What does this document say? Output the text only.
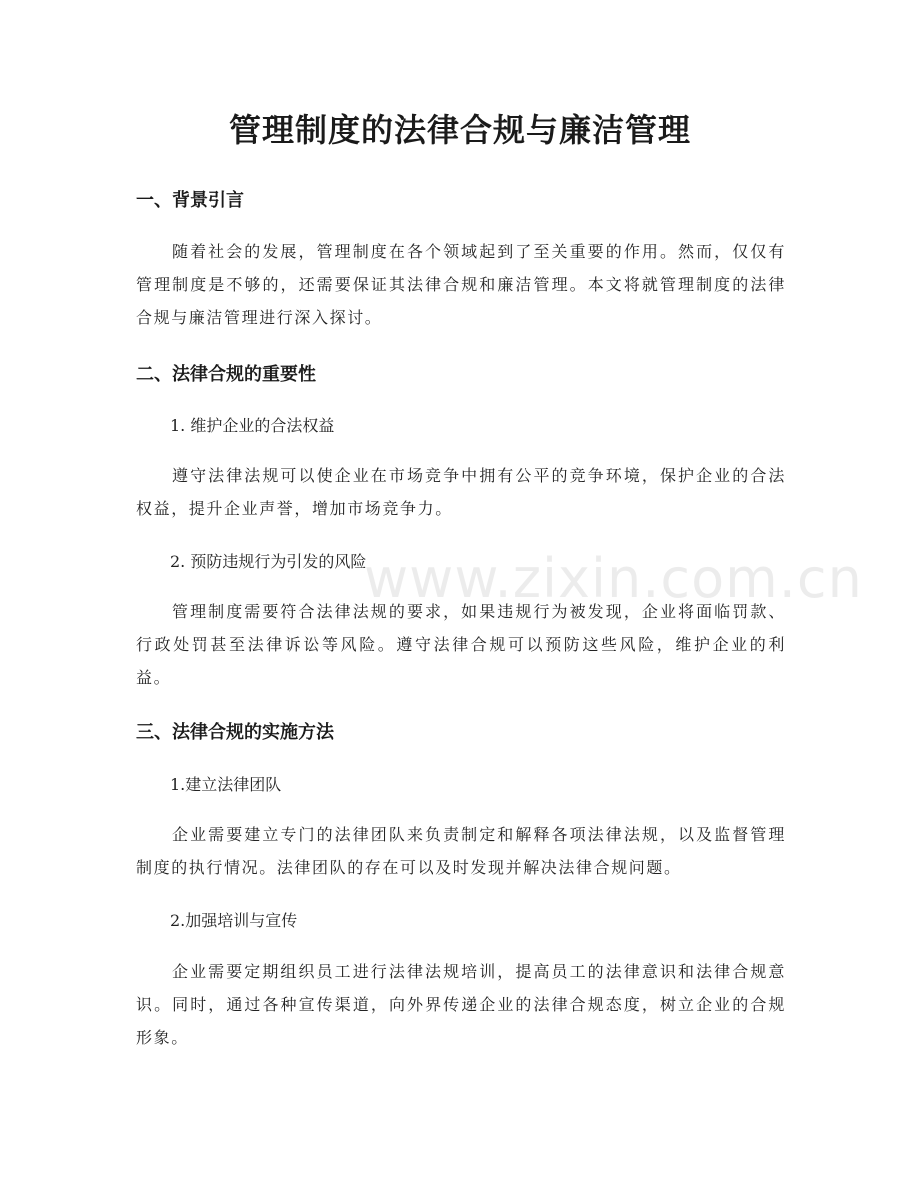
www.zixin.com.cn
管理制度的法律合规与廉洁管理
一、背景引言
随着社会的发展，管理制度在各个领域起到了至关重要的作用。然而，仅仅有管理制度是不够的，还需要保证其法律合规和廉洁管理。本文将就管理制度的法律合规与廉洁管理进行深入探讨。
二、法律合规的重要性
1. 维护企业的合法权益
遵守法律法规可以使企业在市场竞争中拥有公平的竞争环境，保护企业的合法权益，提升企业声誉，增加市场竞争力。
2. 预防违规行为引发的风险
管理制度需要符合法律法规的要求，如果违规行为被发现，企业将面临罚款、行政处罚甚至法律诉讼等风险。遵守法律合规可以预防这些风险，维护企业的利益。
三、法律合规的实施方法
1.建立法律团队
企业需要建立专门的法律团队来负责制定和解释各项法律法规，以及监督管理制度的执行情况。法律团队的存在可以及时发现并解决法律合规问题。
2.加强培训与宣传
企业需要定期组织员工进行法律法规培训，提高员工的法律意识和法律合规意识。同时，通过各种宣传渠道，向外界传递企业的法律合规态度，树立企业的合规形象。
